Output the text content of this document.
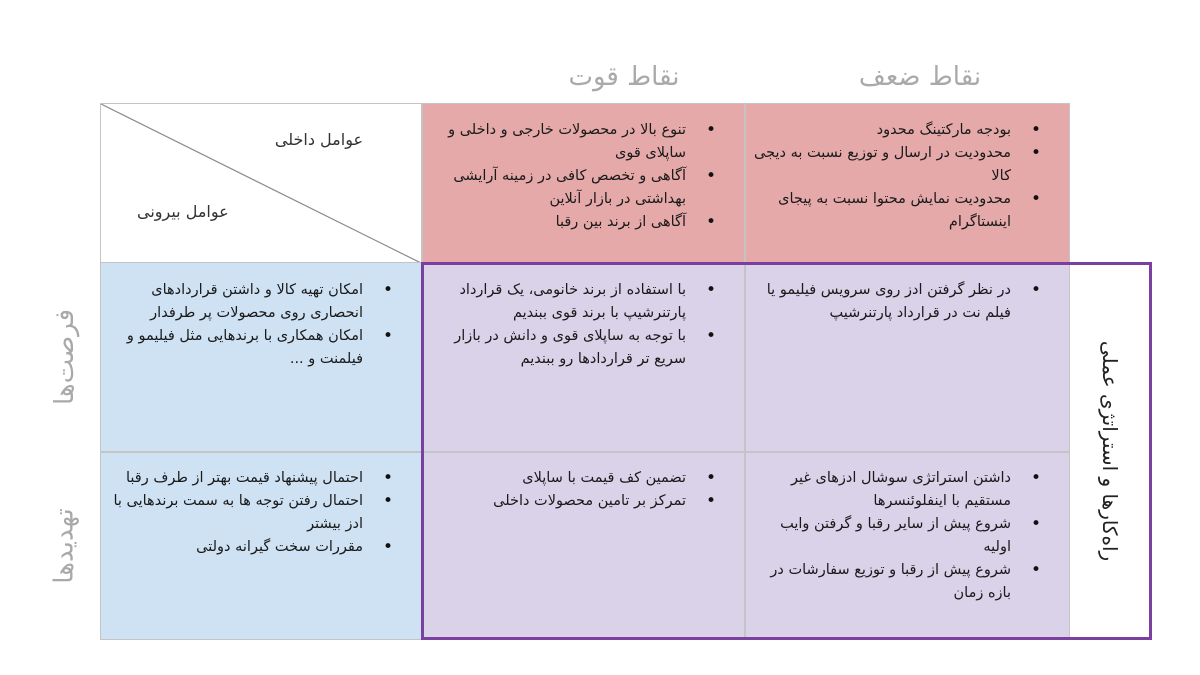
نقاط قوت	نقاط ضعف
فرصت‌ها
تهدیدها
عوامل داخلی
عوامل بیرونی
• تنوع بالا در محصولات خارجی و داخلی و ساپلای قوی
• آگاهی و تخصص کافی در زمینه آرایشی بهداشتی در بازار آنلاین
• آگاهی از برند بین رقبا
• بودجه مارکتینگ محدود
• محدودیت در ارسال و توزیع نسبت به دیجی کالا
• محدودیت نمایش محتوا نسبت به پیجای اینستاگرام
• امکان تهیه کالا و داشتن قراردادهای انحصاری روی محصولات پر طرفدار
• امکان همکاری با برندهایی مثل فیلیمو و فیلمنت و ...
• با استفاده از برند خانومی، یک قرارداد پارتنرشیپ با برند قوی ببندیم
• با توجه به ساپلای قوی و دانش در بازار سریع تر قراردادها رو ببندیم
• در نظر گرفتن ادز روی سرویس فیلیمو یا فیلم نت در قرارداد پارتنرشیپ
• احتمال پیشنهاد قیمت بهتر از طرف رقبا
• احتمال رفتن توجه ها به سمت برندهایی با ادز بیشتر
• مقررات سخت گیرانه دولتی
• تضمین کف قیمت با ساپلای
• تمرکز بر تامین محصولات داخلی
• داشتن استراتژی سوشال ادزهای غیر مستقیم با اینفلوئنسرها
• شروع پیش از سایر رقبا و گرفتن وایب اولیه
• شروع پیش از رقبا و توزیع سفارشات در بازه زمان
راه‌کارها و استراتژی عملی
